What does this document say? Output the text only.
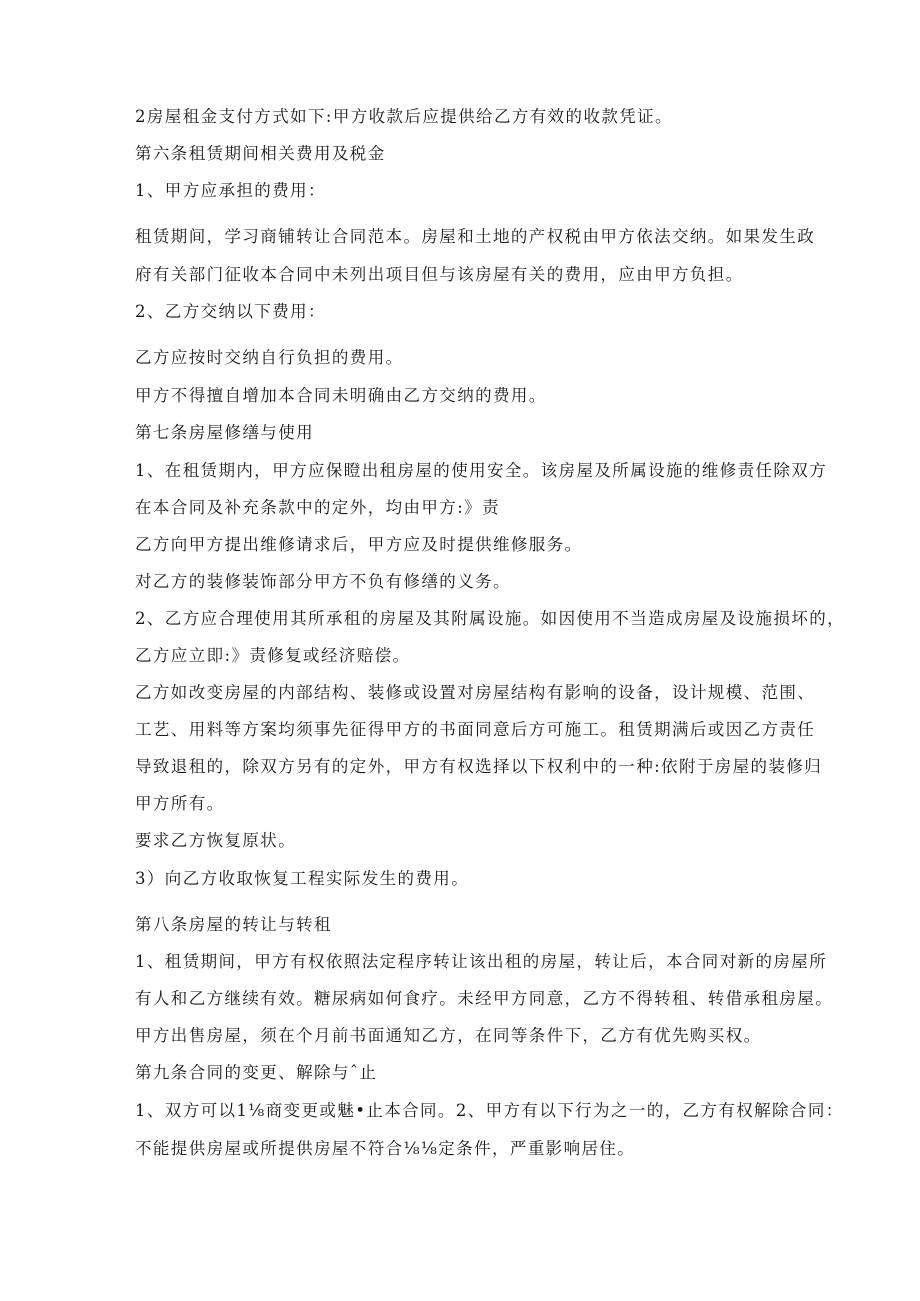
2房屋租金支付方式如下:甲方收款后应提供给乙方有效的收款凭证。
第六条租赁期间相关费用及税金
1、甲方应承担的费用：
租赁期间，学习商铺转让合同范本。房屋和土地的产权税由甲方依法交纳。如果发生政
府有关部门征收本合同中未列出项目但与该房屋有关的费用，应由甲方负担。
2、乙方交纳以下费用：
乙方应按时交纳自行负担的费用。
甲方不得擅自增加本合同未明确由乙方交纳的费用。
第七条房屋修缮与使用
1、在租赁期内，甲方应保瞪出租房屋的使用安全。该房屋及所属设施的维修责任除双方
在本合同及补充条款中的定外，均由甲方:》责
乙方向甲方提出维修请求后，甲方应及时提供维修服务。
对乙方的装修装饰部分甲方不负有修缮的义务。
2、乙方应合理使用其所承租的房屋及其附属设施。如因使用不当造成房屋及设施损坏的，
乙方应立即:》责修复或经济赔偿。
乙方如改变房屋的内部结构、装修或设置对房屋结构有影响的设备，设计规模、范围、
工艺、用料等方案均须事先征得甲方的书面同意后方可施工。租赁期满后或因乙方责任
导致退租的，除双方另有的定外，甲方有权选择以下权利中的一种:依附于房屋的装修归
甲方所有。
要求乙方恢复原状。
3）向乙方收取恢复工程实际发生的费用。
第八条房屋的转让与转租
1、租赁期间，甲方有权依照法定程序转让该出租的房屋，转让后，本合同对新的房屋所
有人和乙方继续有效。糖尿病如何食疗。未经甲方同意，乙方不得转租、转借承租房屋。
甲方出售房屋，须在个月前书面通知乙方，在同等条件下，乙方有优先购买权。
第九条合同的变更、解除与ˆ止
1、双方可以1⅛商变更或魅•止本合同。2、甲方有以下行为之一的，乙方有权解除合同：
不能提供房屋或所提供房屋不符合⅛⅛定条件，严重影响居住。
